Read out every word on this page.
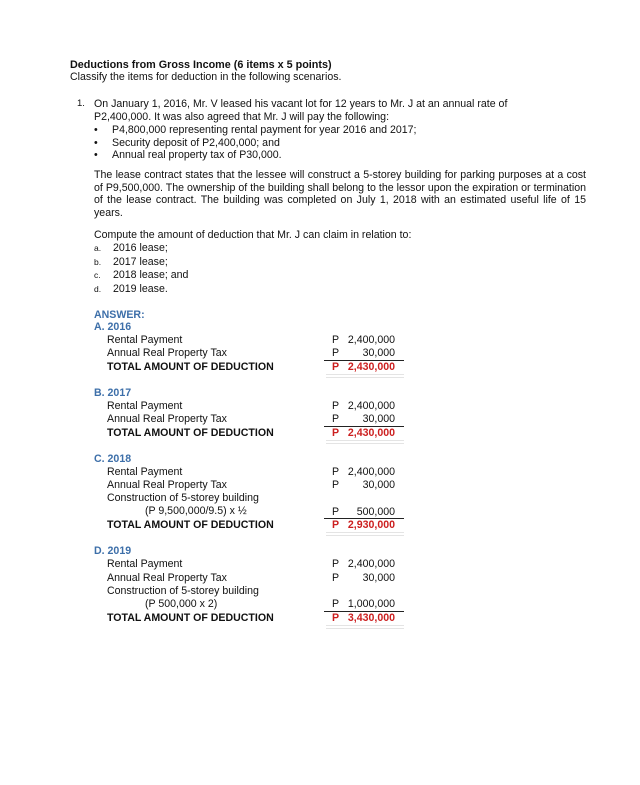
Deductions from Gross Income (6 items x 5 points)
Classify the items for deduction in the following scenarios.
1. On January 1, 2016, Mr. V leased his vacant lot for 12 years to Mr. J at an annual rate of P2,400,000. It was also agreed that Mr. J will pay the following:
• P4,800,000 representing rental payment for year 2016 and 2017;
• Security deposit of P2,400,000; and
• Annual real property tax of P30,000.
The lease contract states that the lessee will construct a 5-storey building for parking purposes at a cost of P9,500,000. The ownership of the building shall belong to the lessor upon the expiration or termination of the lease contract. The building was completed on July 1, 2018 with an estimated useful life of 15 years.
Compute the amount of deduction that Mr. J can claim in relation to:
a. 2016 lease;
b. 2017 lease;
c. 2018 lease; and
d. 2019 lease.
ANSWER:
A. 2016
Rental Payment	P 2,400,000
Annual Real Property Tax	P 30,000
TOTAL AMOUNT OF DEDUCTION	P 2,430,000
B. 2017
Rental Payment	P 2,400,000
Annual Real Property Tax	P 30,000
TOTAL AMOUNT OF DEDUCTION	P 2,430,000
C. 2018
Rental Payment	P 2,400,000
Annual Real Property Tax	P 30,000
Construction of 5-storey building
(P 9,500,000/9.5) x ½	P 500,000
TOTAL AMOUNT OF DEDUCTION	P 2,930,000
D. 2019
Rental Payment	P 2,400,000
Annual Real Property Tax	P 30,000
Construction of 5-storey building
(P 500,000 x 2)	P 1,000,000
TOTAL AMOUNT OF DEDUCTION	P 3,430,000
